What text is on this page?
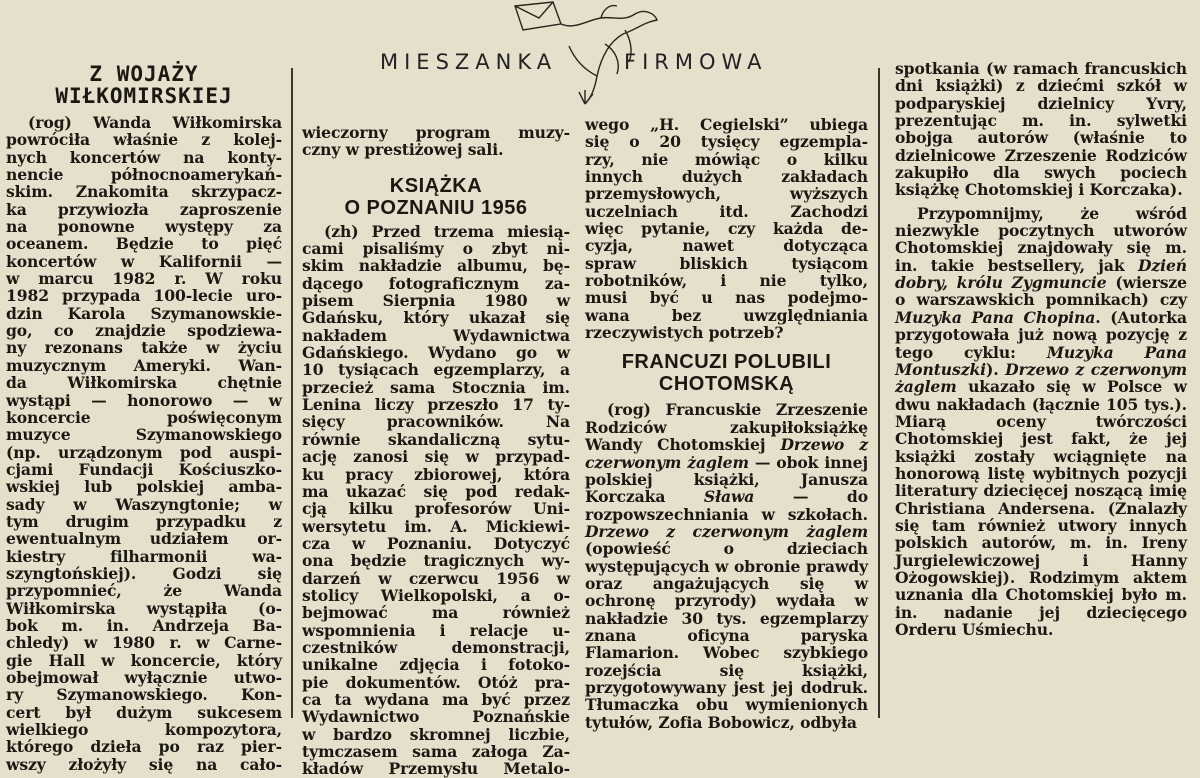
MIESZANKA	FIRMOWA

Z WOJAŻY

WIŁKOMIRSKIEJ

(rog) Wanda Wiłkomirska
powróciła właśnie z kolej-
nych koncertów na konty-
nencie północnoamerykań-
skim. Znakomita skrzypacz-
ka przywiozła zaproszenie
na ponowne występy za
oceanem. Będzie to pięć
koncertów w Kalifornii —
w marcu 1982 r. W roku
1982 przypada 100-lecie uro-
dzin Karola Szymanowskie-
go, co znajdzie spodziewa-
ny rezonans także w życiu
muzycznym Ameryki. Wan-
da Wiłkomirska chętnie
wystąpi — honorowo — w
koncercie poświęconym
muzyce Szymanowskiego
(np. urządzonym pod auspi-
cjami Fundacji Kościuszko-
wskiej lub polskiej amba-
sady w Waszyngtonie; w
tym drugim przypadku z
ewentualnym udziałem or-
kiestry filharmonii wa-
szyngtońskiej). Godzi się
przypomnieć, że Wanda
Wiłkomirska wystąpiła (o-
bok m. in. Andrzeja Ba-
chledy) w 1980 r. w Carne-
gie Hall w koncercie, który
obejmował wyłącznie utwo-
ry Szymanowskiego. Kon-
cert był dużym sukcesem
wielkiego kompozytora,
którego dzieła po raz pier-
wszy złożyły się na cało-

wieczorny program muzy-
czny w prestiżowej sali.

KSIĄŻKA

O POZNANIU 1956

(zh) Przed trzema miesią-
cami pisaliśmy o zbyt ni-
skim nakładzie albumu, bę-
dącego fotograficznym za-
pisem Sierpnia 1980 w
Gdańsku, który ukazał się
nakładem Wydawnictwa
Gdańskiego. Wydano go w
10 tysiącach egzemplarzy, a
przecież sama Stocznia im.
Lenina liczy przeszło 17 ty-
sięcy pracowników. Na
równie skandaliczną sytu-
ację zanosi się w przypad-
ku pracy zbiorowej, która
ma ukazać się pod redak-
cją kilku profesorów Uni-
wersytetu im. A. Mickiewi-
cza w Poznaniu. Dotyczyć
ona będzie tragicznych wy-
darzeń w czerwcu 1956 w
stolicy Wielkopolski, a o-
bejmować ma również
wspomnienia i relacje u-
czestników demonstracji,
unikalne zdjęcia i fotoko-
pie dokumentów. Otóż pra-
ca ta wydana ma być przez
Wydawnictwo Poznańskie
w bardzo skromnej liczbie,
tymczasem sama załoga Za-
kładów Przemysłu Metalo-

wego „H. Cegielski” ubiega
się o 20 tysięcy egzempla-
rzy, nie mówiąc o kilku
innych dużych zakładach
przemysłowych, wyższych
uczelniach itd. Zachodzi
więc pytanie, czy każda de-
cyzja, nawet dotycząca
spraw bliskich tysiącom
robotników, i nie tylko,
musi być u nas podejmo-
wana bez uwzględniania
rzeczywistych potrzeb?

FRANCUZI POLUBILI

CHOTOMSKĄ

(rog) Francuskie Zrzeszenie Rodziców zakupiłoksiążkę Wandy Chotomskiej Drzewo z czerwonym żaglem — obok innej polskiej książki, Janusza Korczaka Sława — do rozpowszechniania w szkołach. Drzewo z czerwonym żaglem (opowieść o dzieciach występujących w obronie prawdy oraz angażujących się w ochronę przyrody) wydała w nakładzie 30 tys. egzemplarzy znana oficyna paryska Flamarion. Wobec szybkiego rozejścia się książki, przygotowywany jest jej dodruk. Tłumaczka obu wymienionych tytułów, Zofia Bobowicz, odbyła

spotkania (w ramach francuskich dni książki) z dziećmi szkół w podparyskiej dzielnicy Yvry, prezentując m. in. sylwetki obojga autorów (właśnie to dzielnicowe Zrzeszenie Rodziców zakupiło dla swych pociech książkę Chotomskiej i Korczaka).

Przypomnijmy, że wśród niezwykle poczytnych utworów Chotomskiej znajdowały się m. in. takie bestsellery, jak Dzień dobry, królu Zygmuncie (wiersze o warszawskich pomnikach) czy Muzyka Pana Chopina. (Autorka przygotowała już nową pozycję z tego cyklu: Muzyka Pana Montuszki). Drzewo z czerwonym żaglem ukazało się w Polsce w dwu nakładach (łącznie 105 tys.). Miarą oceny twórczości Chotomskiej jest fakt, że jej książki zostały wciągnięte na honorową listę wybitnych pozycji literatury dziecięcej noszącą imię Christiana Andersena. (Znalazły się tam również utwory innych polskich autorów, m. in. Ireny Jurgielewiczowej i Hanny Ożogowskiej). Rodzimym aktem uznania dla Chotomskiej było m. in. nadanie jej dziecięcego Orderu Uśmiechu.
